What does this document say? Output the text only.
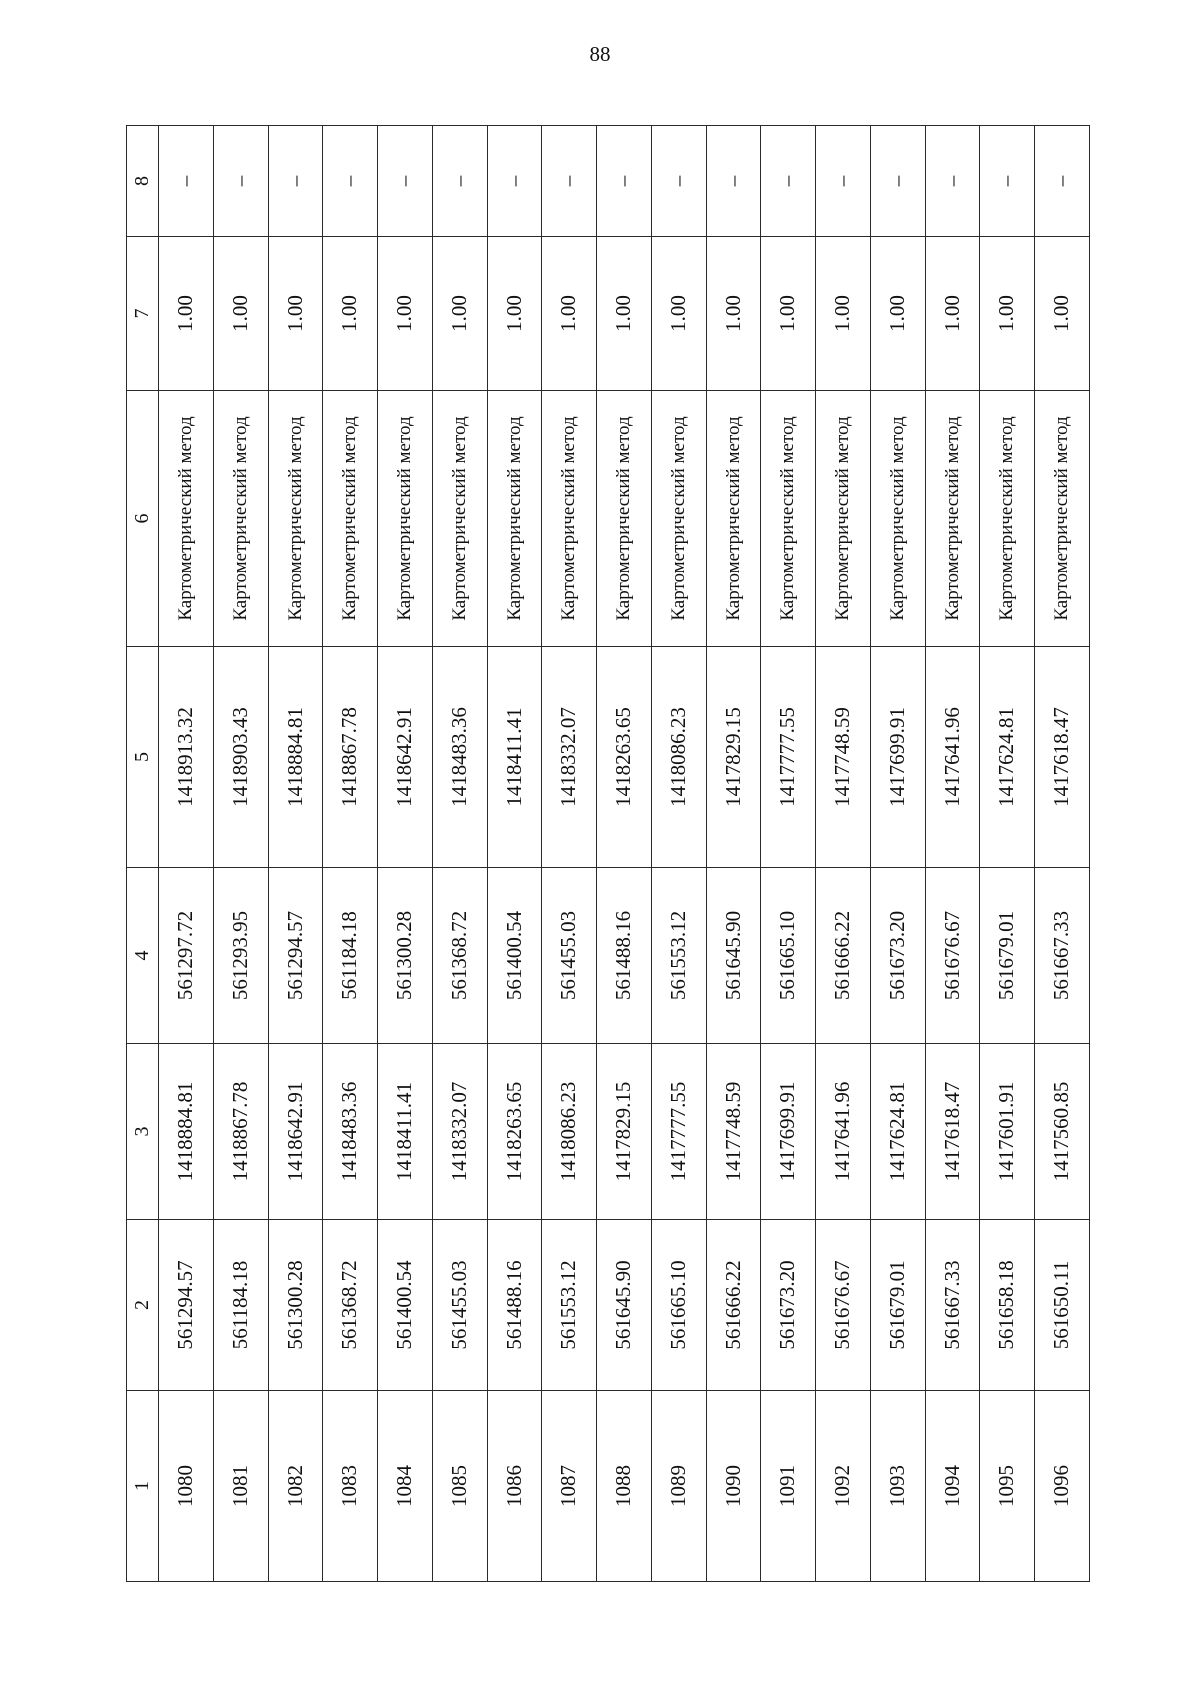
88
1	2	3	4	5	6	7	8
1080	561294.57	1418884.81	561297.72	1418913.32	Картометрический метод	1.00	–
1081	561184.18	1418867.78	561293.95	1418903.43	Картометрический метод	1.00	–
1082	561300.28	1418642.91	561294.57	1418884.81	Картометрический метод	1.00	–
1083	561368.72	1418483.36	561184.18	1418867.78	Картометрический метод	1.00	–
1084	561400.54	1418411.41	561300.28	1418642.91	Картометрический метод	1.00	–
1085	561455.03	1418332.07	561368.72	1418483.36	Картометрический метод	1.00	–
1086	561488.16	1418263.65	561400.54	1418411.41	Картометрический метод	1.00	–
1087	561553.12	1418086.23	561455.03	1418332.07	Картометрический метод	1.00	–
1088	561645.90	1417829.15	561488.16	1418263.65	Картометрический метод	1.00	–
1089	561665.10	1417777.55	561553.12	1418086.23	Картометрический метод	1.00	–
1090	561666.22	1417748.59	561645.90	1417829.15	Картометрический метод	1.00	–
1091	561673.20	1417699.91	561665.10	1417777.55	Картометрический метод	1.00	–
1092	561676.67	1417641.96	561666.22	1417748.59	Картометрический метод	1.00	–
1093	561679.01	1417624.81	561673.20	1417699.91	Картометрический метод	1.00	–
1094	561667.33	1417618.47	561676.67	1417641.96	Картометрический метод	1.00	–
1095	561658.18	1417601.91	561679.01	1417624.81	Картометрический метод	1.00	–
1096	561650.11	1417560.85	561667.33	1417618.47	Картометрический метод	1.00	–
